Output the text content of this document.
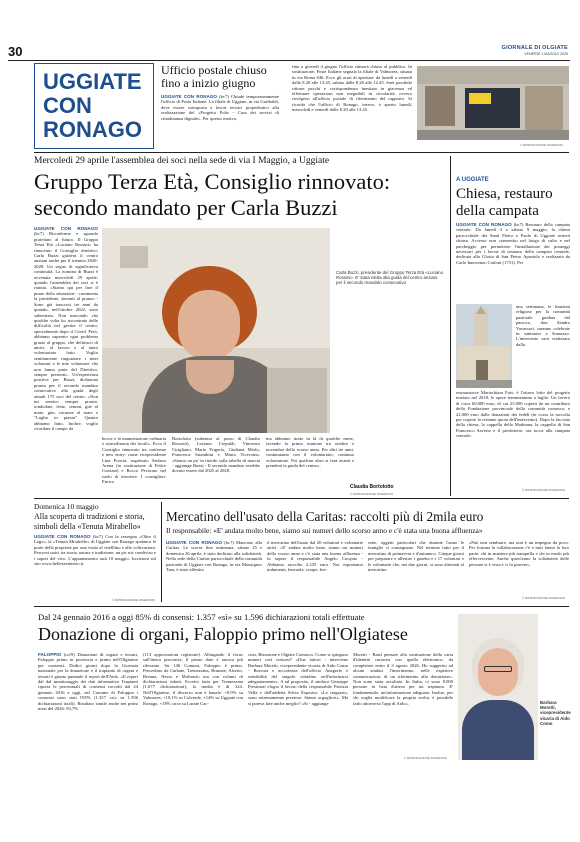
30	GIORNALE DI OLGIATE
VENERDÌ 1 MAGGIO 2026
UGGIATE
CON
RONAGO
Ufficio postale chiuso fino a inizio giugno
UGGIATE CON RONAGO (bc7) Chiude temporaneamente l'ufficio di Poste Italiane. La filiale di Uggiate, in via Garibaldi, deve essere sottoposta a lavori tecnici propedeutici alla realizzazione del «Progetto Polis - Casa dei servizi di cittadinanza digitale». Per questo motivo,
fino a giovedì 4 giugno l'ufficio rimarrà chiuso al pubblico. In sostituzione, Poste Italiane segnala la filiale di Valmorea, situata in via Roma 846. Ecco gli orari di apertura: da lunedì a venerdì dalle 8.20 alle 13.45, sabato dalle 8.20 alle 12.45. Sarà possibile ritirare pacchi e corrispondenza inesitata in giacenza ed effettuare operazioni non eseguibili in circolarità, ovvero rivolgersi all'ufficio postale di riferimento del rapporto. Si ricorda che l'ufficio di Ronago, invece, è aperto lunedì, mercoledì e venerdì dalle 8.20 alle 13.45.
© RIPRODUZIONE RISERVATA
Mercoledì 29 aprile l'assemblea dei soci nella sede di via I Maggio, a Uggiate
Gruppo Terza Età, Consiglio rinnovato:
secondo mandato per Carla Buzzi
UGGIATE CON RONAGO (bc7) Riconferme e sguardo proiettato al futuro. Il Gruppo Terza Età «Luciano Rossini» ha rinnovato il Consiglio direttivo: Carla Buzzi guiderà il centro anziani anche per il triennio 2026-2028. Un segno di significativa continuità. La nomina di Buzzi è avvenuta mercoledì 29 aprile, quando l'assemblea dei soci si è riunita. «Siamo qui per fare il punto della situazione - commenta la presidente, davanti al pranzo - Sono già trascorsi tre anni da quando, nell'ottobre 2022, sono subentrata. Non nascondo che qualche volta ho riscontrato delle difficoltà nel gestire il centro, specialmente dopo il Covid. Però, abbiamo superato ogni problema grazie al gruppo, che definisco di amici, al lavoro e al tanto volontariato fatto. Voglio sentitamente ringraziare i miei volontari e le mie volontarie che non fanno parte del Direttivo, sempre presenti». Un'esperienza positiva per Buzzi, dichiarata pronta per il secondo mandato consecutivo alla guida degli attuali 175 soci del centro. «Non mi sentivo sempre pronta: tombolate, feste, cenoni, gite al mare, gite, vacanze al mare e "Luglio in piazza". Quanto abbiamo fatto. Inoltre, voglio ricordare il campo da
Carla Buzzi, presidente del Gruppo Terza Età «Luciano Rossini». E' stata eletta alla guida del centro anziani per il secondo mandato consecutivo
bocce e la manutenzione ordinaria e straordinaria dei locali». Ecco il Consiglio rinnovato tra conferme e new entry: come vicepresidente Lina Poncia, segretario Stefano Arena (in sostituzione di Felice Cozzani) e Rocco Pecoraro nel ruolo di tesoriere. I consiglieri: Enrico
Bortolotto (subentra al posto di Claudio Rossotti), Luciano Crepaldi, Vincenzo Cirigliano, Mario Frigerio, Giuliana Merlo, Francesca Strambini e Maria Vicecomo. «Siamo un po' in ritardo sulla tabella di marcia - aggiunge Buzzi - Il secondo mandato avrebbe dovuto essere dal 2025 al 2028,
ma abbiamo tirato in là di qualche mese, facendo la prima riunione tra ottobre e novembre dello scorso anno. Per altri tre anni, continuiamo con il volontariato, continuo volontariato. Poi qualcun altro si farà avanti e prenderà la guida del centro».
Claudia Bortolotto
© RIPRODUZIONE RISERVATA
A UGGIATE
Chiesa, restauro della campata
UGGIATE CON RONAGO (bc7) Restauro della campata centrale. Da lunedì 4 a sabato 9 maggio, la chiesa parrocchiale dei Santi Pietro e Paolo di Uggiate resterà chiusa. Accesso non consentito nel luogo di culto e nel parcheggio per permettere l'installazione dei ponteggi necessari per i lavori di restauro della campata centrale, dedicata alla Gloria di San Pietro Apostolo e realizzata da Carlo Innocenzo Carloni (1731). Per
una settimana, le funzioni religiose per la comunità pastorale guidata dal parroco, don Sandro Vavassori, saranno celebrate in santuario a Somazzo. L'intervento sarà realizzato dalla
restauratrice Mariachiara Fois: è l'ottavo lotto del progetto iniziato nel 2018, le opere termineranno a luglio. Un lavoro di circa 60.000 euro, di cui 25.000 coperti da un contributo della Fondazione provinciale della comunità comasca, e 22.000 euro dalle donazioni dei fedeli (in corso la raccolta per coprire la restante quota dell'intervento). Dopo la facciata della chiesa, la cappella della Madonna, la cappella di San Francesco Saverio e il presbiterio, ora tocca alla campata centrale.
© RIPRODUZIONE RISERVATA
Domenica 10 maggio
Alla scoperta di tradizioni e storia, simboli della «Tenuta Mirabello»
UGGIATE CON RONAGO (bc7) Con la rassegna «Oltre il Lago», la «Tenuta Mirabello» di Uggiate con Ronago spalanca le porte della proprietà per una visita al vitelllino e alle coltivazioni. Percorsi unici tra storia, natura e tradizione, un pic nic condiviso e i sapori del vivo. L'appuntamento sarà 10 maggio. Iscrizioni sul sito www.bellezzeinterio.it.
© RIPRODUZIONE RISERVATA
Mercatino dell'usato della Caritas: raccolti più di 2mila euro
Il responsabile: «E' andata molto bene, siamo sui numeri dello scorso anno e c'è stata una buona affluenza»
UGGIATE CON RONAGO (bc7) Mancano alla Caritas. Le scorse fine settimana, sabato 25 e domenica 26 aprile, è stato dedicato alla solidarietà. Nella sede della Caritas parrocchiale della comunità pastorale di Uggiate con Ronago, in via Monsignor Tam, è stato allestito
il mercatino dell'usato dal 20 volontari e volontarie attivi. «E' andata molto bene, siamo sui numeri dello scorso anno e c'è stata una buona affluenza - fa sapere il responsabile Angelo Cocquio - Abbiamo raccolto 2.235 euro. Noi esponiamo indumenti, lenzuola, scarpe, bor-
sette, oggetti particolari che durante l'anno le famiglie ci consegnano. Nel termine tutto per il mercatino di primavera e d'autunno». Cinque giorni per preparare e allestire i gazebo e i 17 volontari e le volontarie che, nei due giorni, si sono alternati al mercatino.
«Può non sembrare, ma non è un impegno da poco. Per fortuna la collaborazione c'è e tutti fanno la loro parte, chi in maniera più tranquilla e chi in modo più effervescente. Anche quest'anno la solidarietà delle persone si è vista e ci fa piacere».
© RIPRODUZIONE RISERVATA
Dal 24 gennaio 2016 a oggi 85% di consensi: 1.357 «sì» su 1.596 dichiarazioni totali effettuate
Donazione di organi, Faloppio primo nell'Olgiatese
FALOPPIO (rs19) Donazione di organi e tessuti, Faloppio primo in provincia e primo nell'Olgiatese per consensi. Dodici giorni dopo la Giornata nazionale per la donazione e il trapianto di organi e tessuti è giunto puntuale il report dell'Aido. «Il report dal dal monitoraggio dei dati informativo Trapianti riporta le percentuali di consensi raccolti dal 24 gennaio 2016 a oggi, nel Comune di Faloppio i consensi sono stati l'85% (1.357 «sì» su 1.596 dichiarazioni totali). Risultato simile anche nei primi mesi del 2026: 83,7%
(113 approvazioni registrate). Allargando il focus sull'intera provincia, il primo dato è ancora più rilevante. Su 146 Comuni, Faloppio è primo. Precedono da Carbate, Tremezzina, Brunate, Alserio, Brenna, Nesso e Moltrasio ma con volumi di dichiarazioni ridotti. Eccetto fatta per Tremezzina (1.677 dichiarazioni), la media è di 324. Nell'Olgiatese, il discorso non è banale: +8,9% su Valmorea, +10,1% su Colverde, +14% su Uggiate con Ronago, +18% circa su Lurate Cac-
cino, Bizzarone e Olgiate Comasco. Come si spiegano numeri così virtuosi? «Due fattori - interviene Barbara Moretti, vicepresidente vicaria di Aido Como - Bravura e accortezza dell'ufficio Anagrafe e sensibilità del singolo cittadino nell'informarsi adeguatamente». A tal proposito, il sindaco Giuseppe Prestinari elogia il lavoro della responsabile Patrizia Vella e dell'addetta Silvia Esposito: «Le ringrazio, sono estremamente preziose. Siamo orgogliosi». Ma si poteva fare anche meglio? «Si - aggiunge
Moretti - Basti pensare alla sostituzione della carta d'identità cartacea con quella elettronica, da completare entro il 3 agosto 2026. Ho suggerito ad alcuni sindaci l'inserimento, nelle rispettive comunicazioni, di un riferimento alla donazione». Non sono stata ascoltata. In Italia, ci sono 8.000 persone in lista d'attesa per un trapianto. E' fondamentale, un'informazione adeguata. Inoltre, per chi voglia modificare la propria scelta, è possibile farlo attraverso l'app di Aido».
© RIPRODUZIONE RISERVATA
Barbara Moretti, vicepresidente vicaria di Aido Como
